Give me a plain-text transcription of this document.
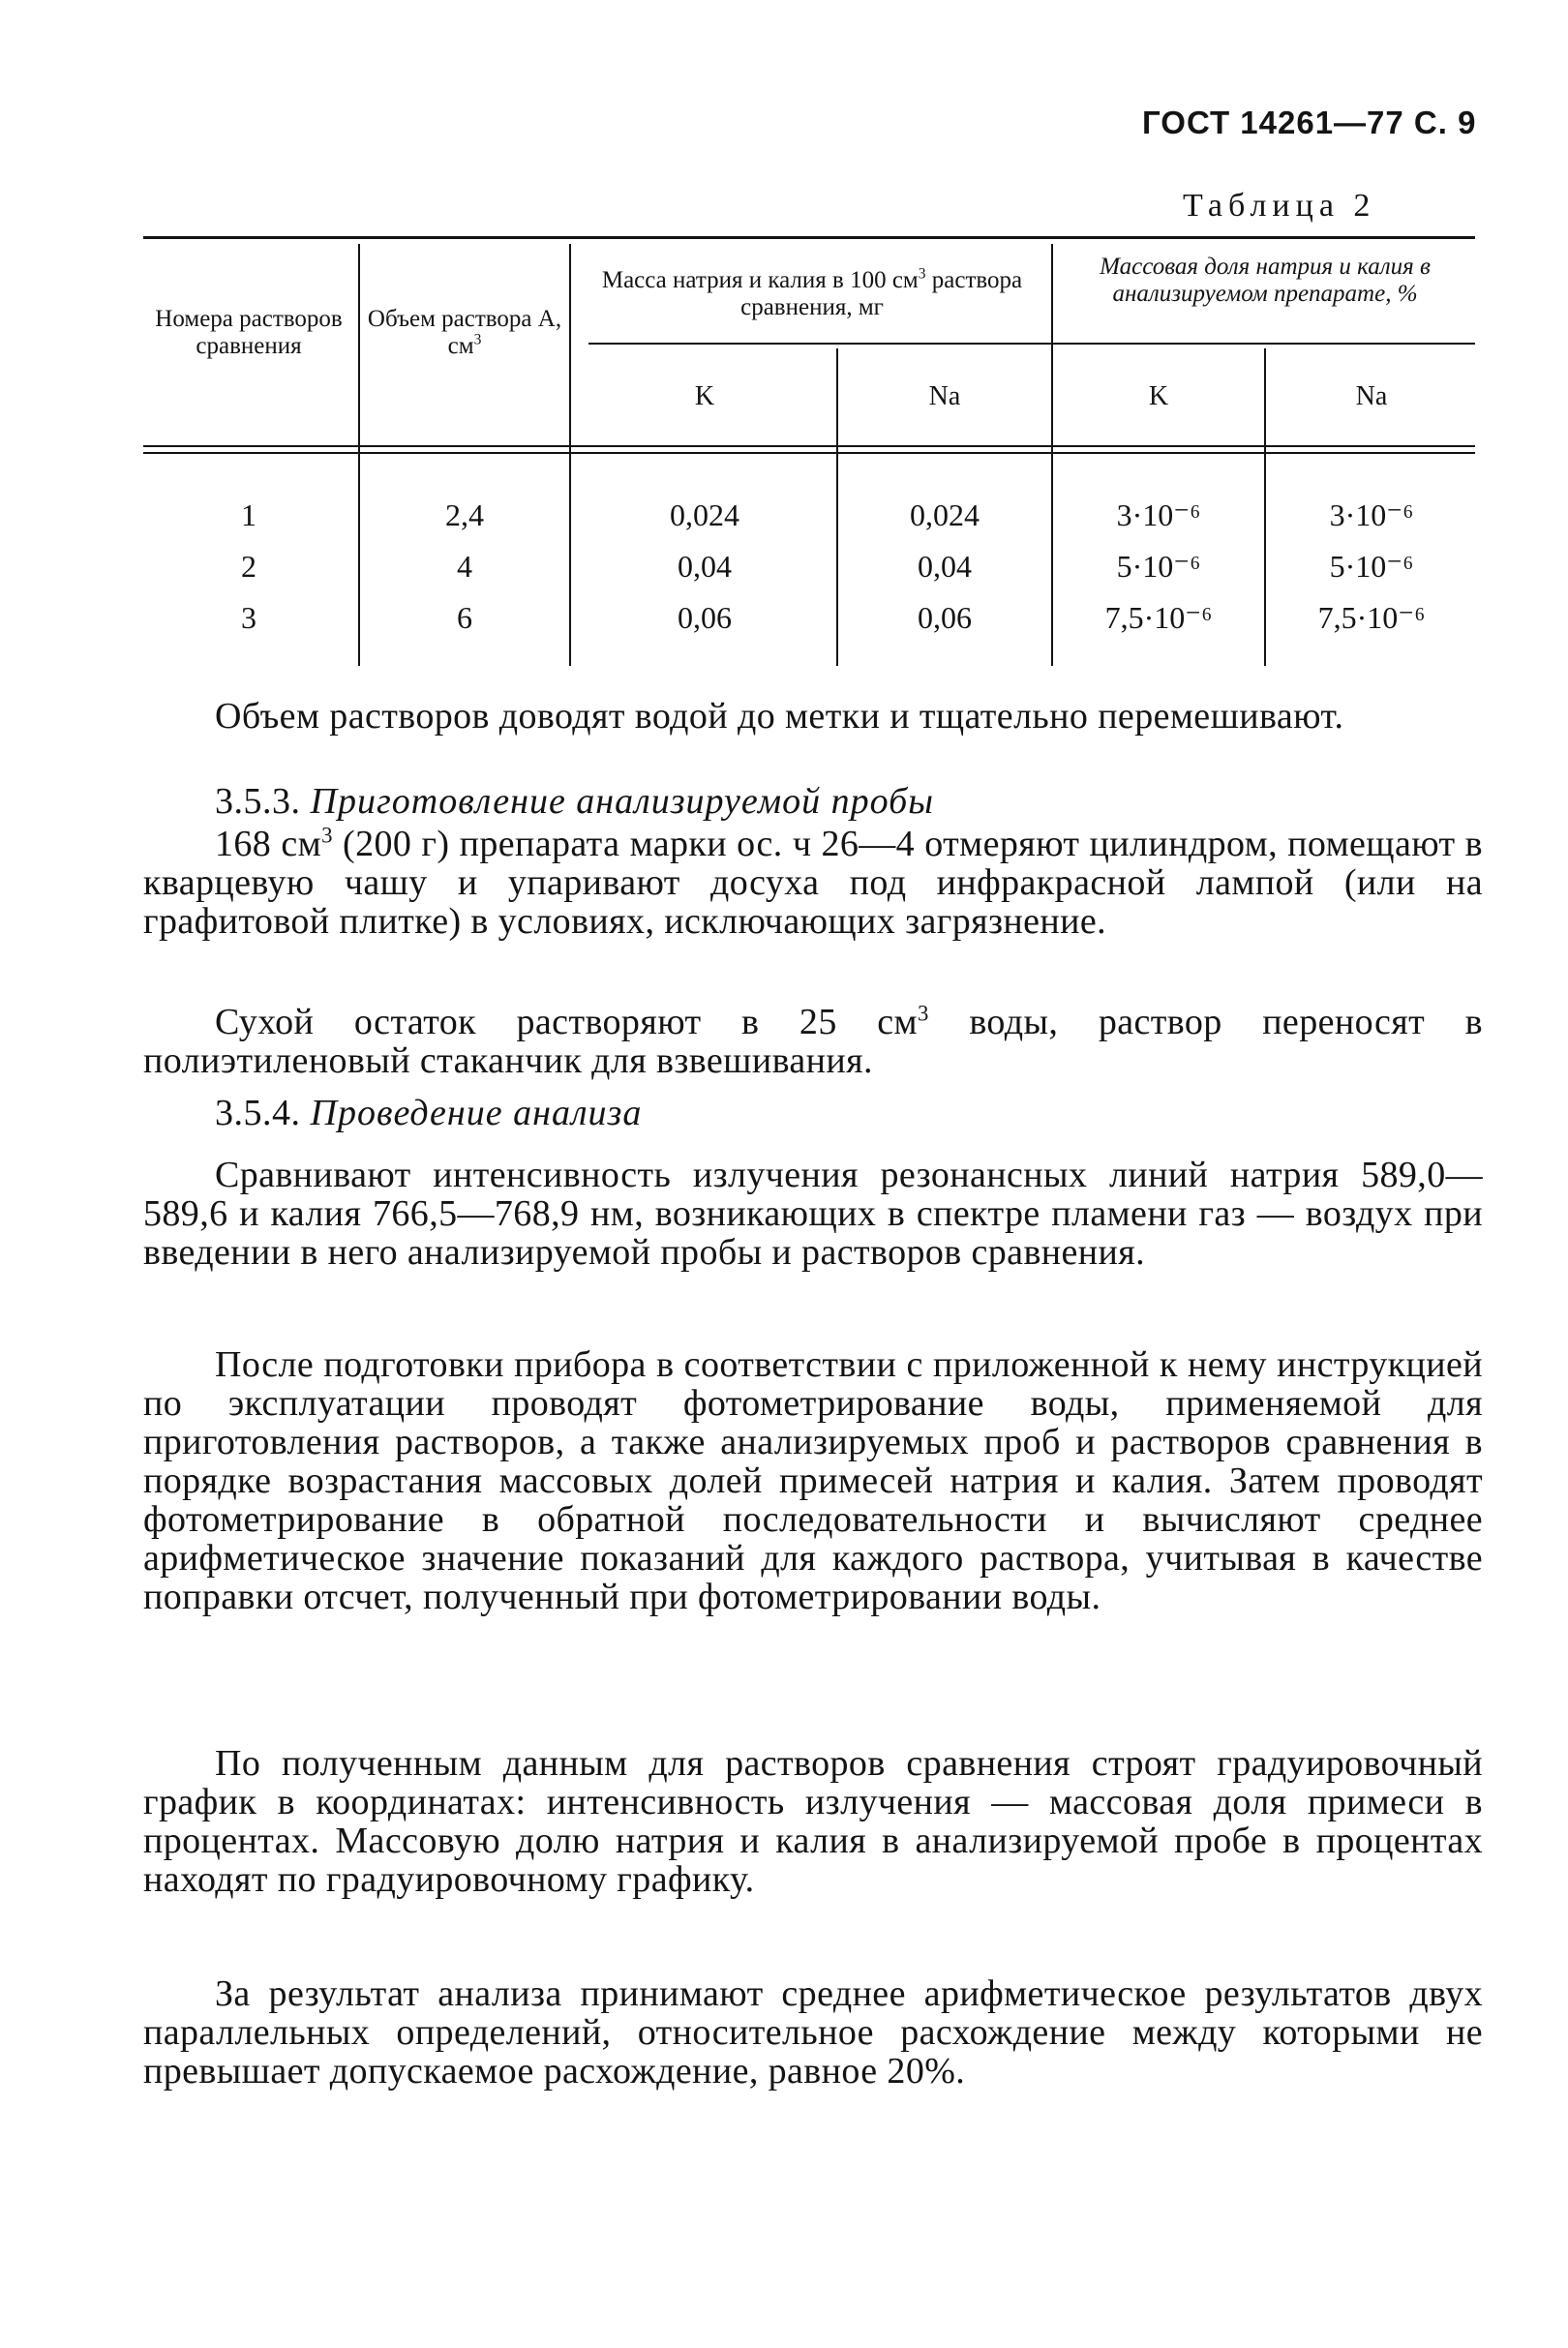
ГОСТ 14261—77 С. 9
Таблица 2
Номера растворов сравнения
Объем раствора А, $см^3$
Масса натрия и калия в 100 $см^3$ раствора сравнения, мг
Массовая доля натрия и калия в анализируемом препарате, %
K	Na	K	Na
1	2,4	0,024	0,024	3·10⁻⁶	3·10⁻⁶
2	4	0,04	0,04	5·10⁻⁶	5·10⁻⁶
3	6	0,06	0,06	7,5·10⁻⁶	7,5·10⁻⁶
Объем растворов доводят водой до метки и тщательно перемешивают.
3.5.3. Приготовление анализируемой пробы
168 $см^3$ (200 г) препарата марки ос. ч 26—4 отмеряют цилиндром, помещают в кварцевую чашу и упаривают досуха под инфракрасной лампой (или на графитовой плитке) в условиях, исключающих загрязнение.
Сухой остаток растворяют в 25 $см^3$ воды, раствор переносят в полиэтиленовый стаканчик для взвешивания.
3.5.4. Проведение анализа
Сравнивают интенсивность излучения резонансных линий натрия 589,0—589,6 и калия 766,5—768,9 нм, возникающих в спектре пламени газ — воздух при введении в него анализируемой пробы и растворов сравнения.
После подготовки прибора в соответствии с приложенной к нему инструкцией по эксплуатации проводят фотометрирование воды, применяемой для приготовления растворов, а также анализируемых проб и растворов сравнения в порядке возрастания массовых долей примесей натрия и калия. Затем проводят фотометрирование в обратной последовательности и вычисляют среднее арифметическое значение показаний для каждого раствора, учитывая в качестве поправки отсчет, полученный при фотометрировании воды.
По полученным данным для растворов сравнения строят градуировочный график в координатах: интенсивность излучения — массовая доля примеси в процентах. Массовую долю натрия и калия в анализируемой пробе в процентах находят по градуировочному графику.
За результат анализа принимают среднее арифметическое результатов двух параллельных определений, относительное расхождение между которыми не превышает допускаемое расхождение, равное 20%.
